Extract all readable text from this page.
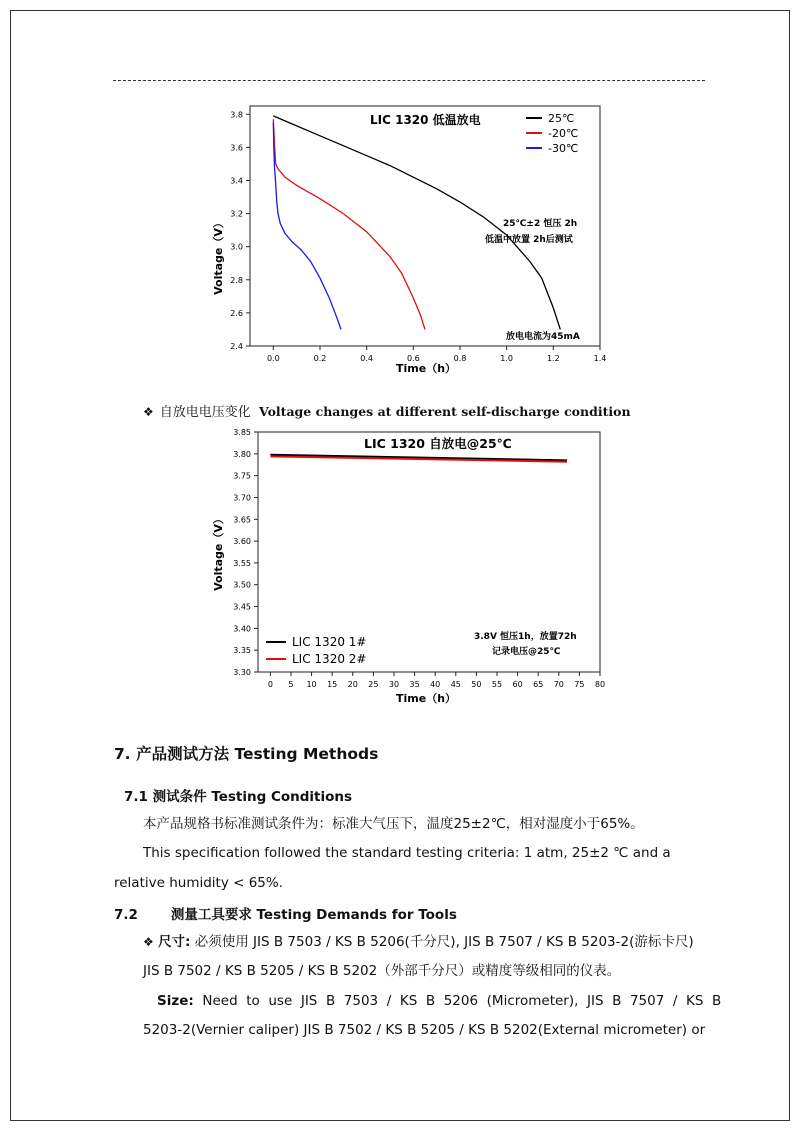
2.4
2.6
2.8
3.0
3.2
3.4
3.6
3.8
0.0	0.2	0.4	0.6	0.8	1.0	1.2	1.4
LIC 1320 低温放电	25℃
-20℃
-30℃
25℃±2 恒压 2h
低温中放置 2h后测试
放电电流为45mA
Time（h）
Voltage（V）
❖ 自放电电压变化 Voltage changes at different self-discharge condition
3.30
3.35
3.40
3.45
3.50
3.55
3.60
3.65
3.70
3.75
3.80
3.85
0 5 10 15 20 25 30 35 40 45 50 55 60 65 70 75 80
LIC 1320 自放电@25℃
LIC 1320 1#
LIC 1320 2#
3.8V 恒压1h，放置72h
记录电压@25℃
Time（h）
Voltage（V）
7. 产品测试方法 Testing Methods
7.1 测试条件 Testing Conditions
本产品规格书标准测试条件为：标准大气压下，温度25±2℃，相对湿度小于65%。
This specification followed the standard testing criteria: 1 atm, 25±2 ℃ and a
relative humidity < 65%.
7.2       测量工具要求 Testing Demands for Tools
❖ 尺寸: 必须使用 JIS B 7503 / KS B 5206(千分尺), JIS B 7507 / KS B 5203-2(游标卡尺)
JIS B 7502 / KS B 5205 / KS B 5202（外部千分尺）或精度等级相同的仪表。
Size: Need  to  use  JIS  B  7503  /  KS  B  5206  (Micrometer),  JIS  B  7507  /  KS  B
5203-2(Vernier caliper) JIS B 7502 / KS B 5205 / KS B 5202(External micrometer) or
